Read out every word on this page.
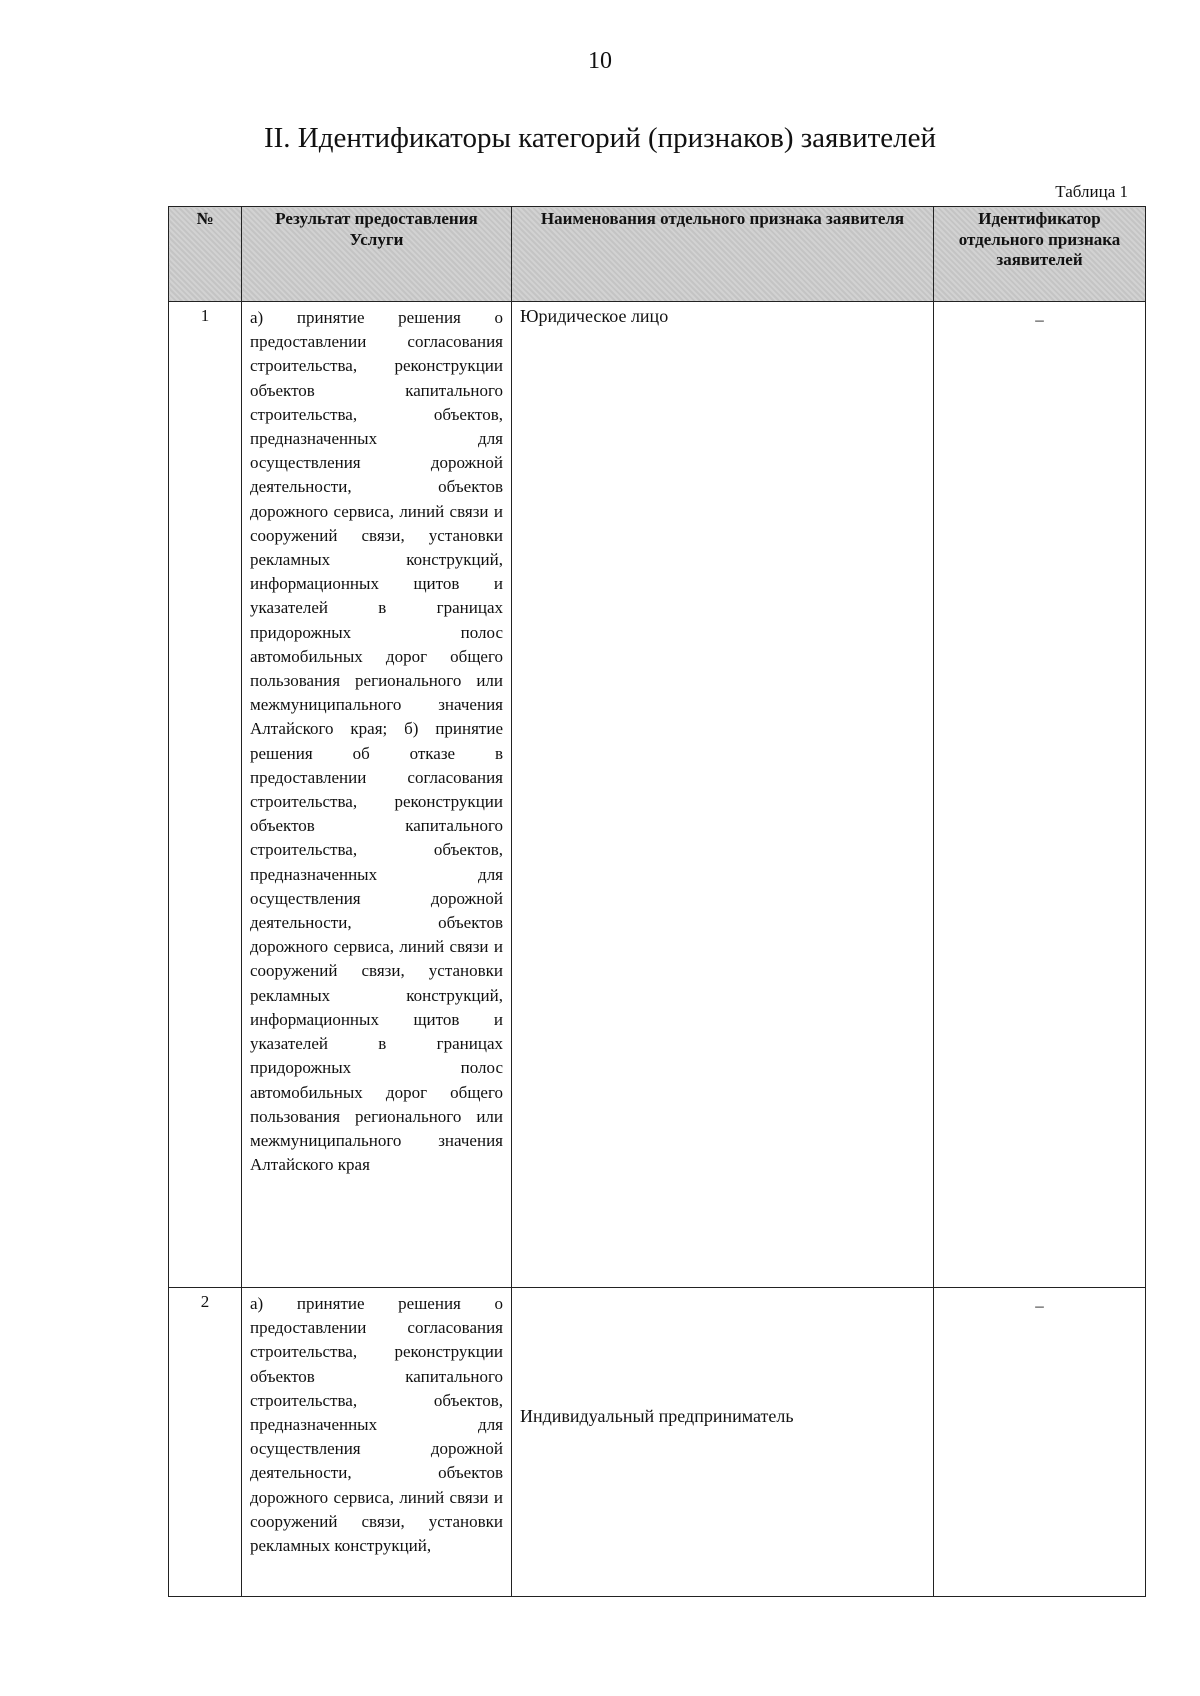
10
II. Идентификаторы категорий (признаков) заявителей
Таблица 1
№	Результат предоставления Услуги	Наименования отдельного признака заявителя	Идентификатор отдельного признака заявителей
1	а) принятие решения о предоставлении согласования строительства, реконструкции объектов капитального строительства, объектов, предназначенных для осуществления дорожной деятельности, объектов дорожного сервиса, линий связи и сооружений связи, установки рекламных конструкций, информационных щитов и указателей в границах придорожных полос автомобильных дорог общего пользования регионального или межмуниципального значения Алтайского края; б) принятие решения об отказе в предоставлении согласования строительства, реконструкции объектов капитального строительства, объектов, предназначенных для осуществления дорожной деятельности, объектов дорожного сервиса, линий связи и сооружений связи, установки рекламных конструкций, информационных щитов и указателей в границах придорожных полос автомобильных дорог общего пользования регионального или межмуниципального значения Алтайского края	Юридическое лицо	–
2	а) принятие решения о предоставлении согласования строительства, реконструкции объектов капитального строительства, объектов, предназначенных для осуществления дорожной деятельности, объектов дорожного сервиса, линий связи и сооружений связи, установки рекламных конструкций,	Индивидуальный предприниматель	–
